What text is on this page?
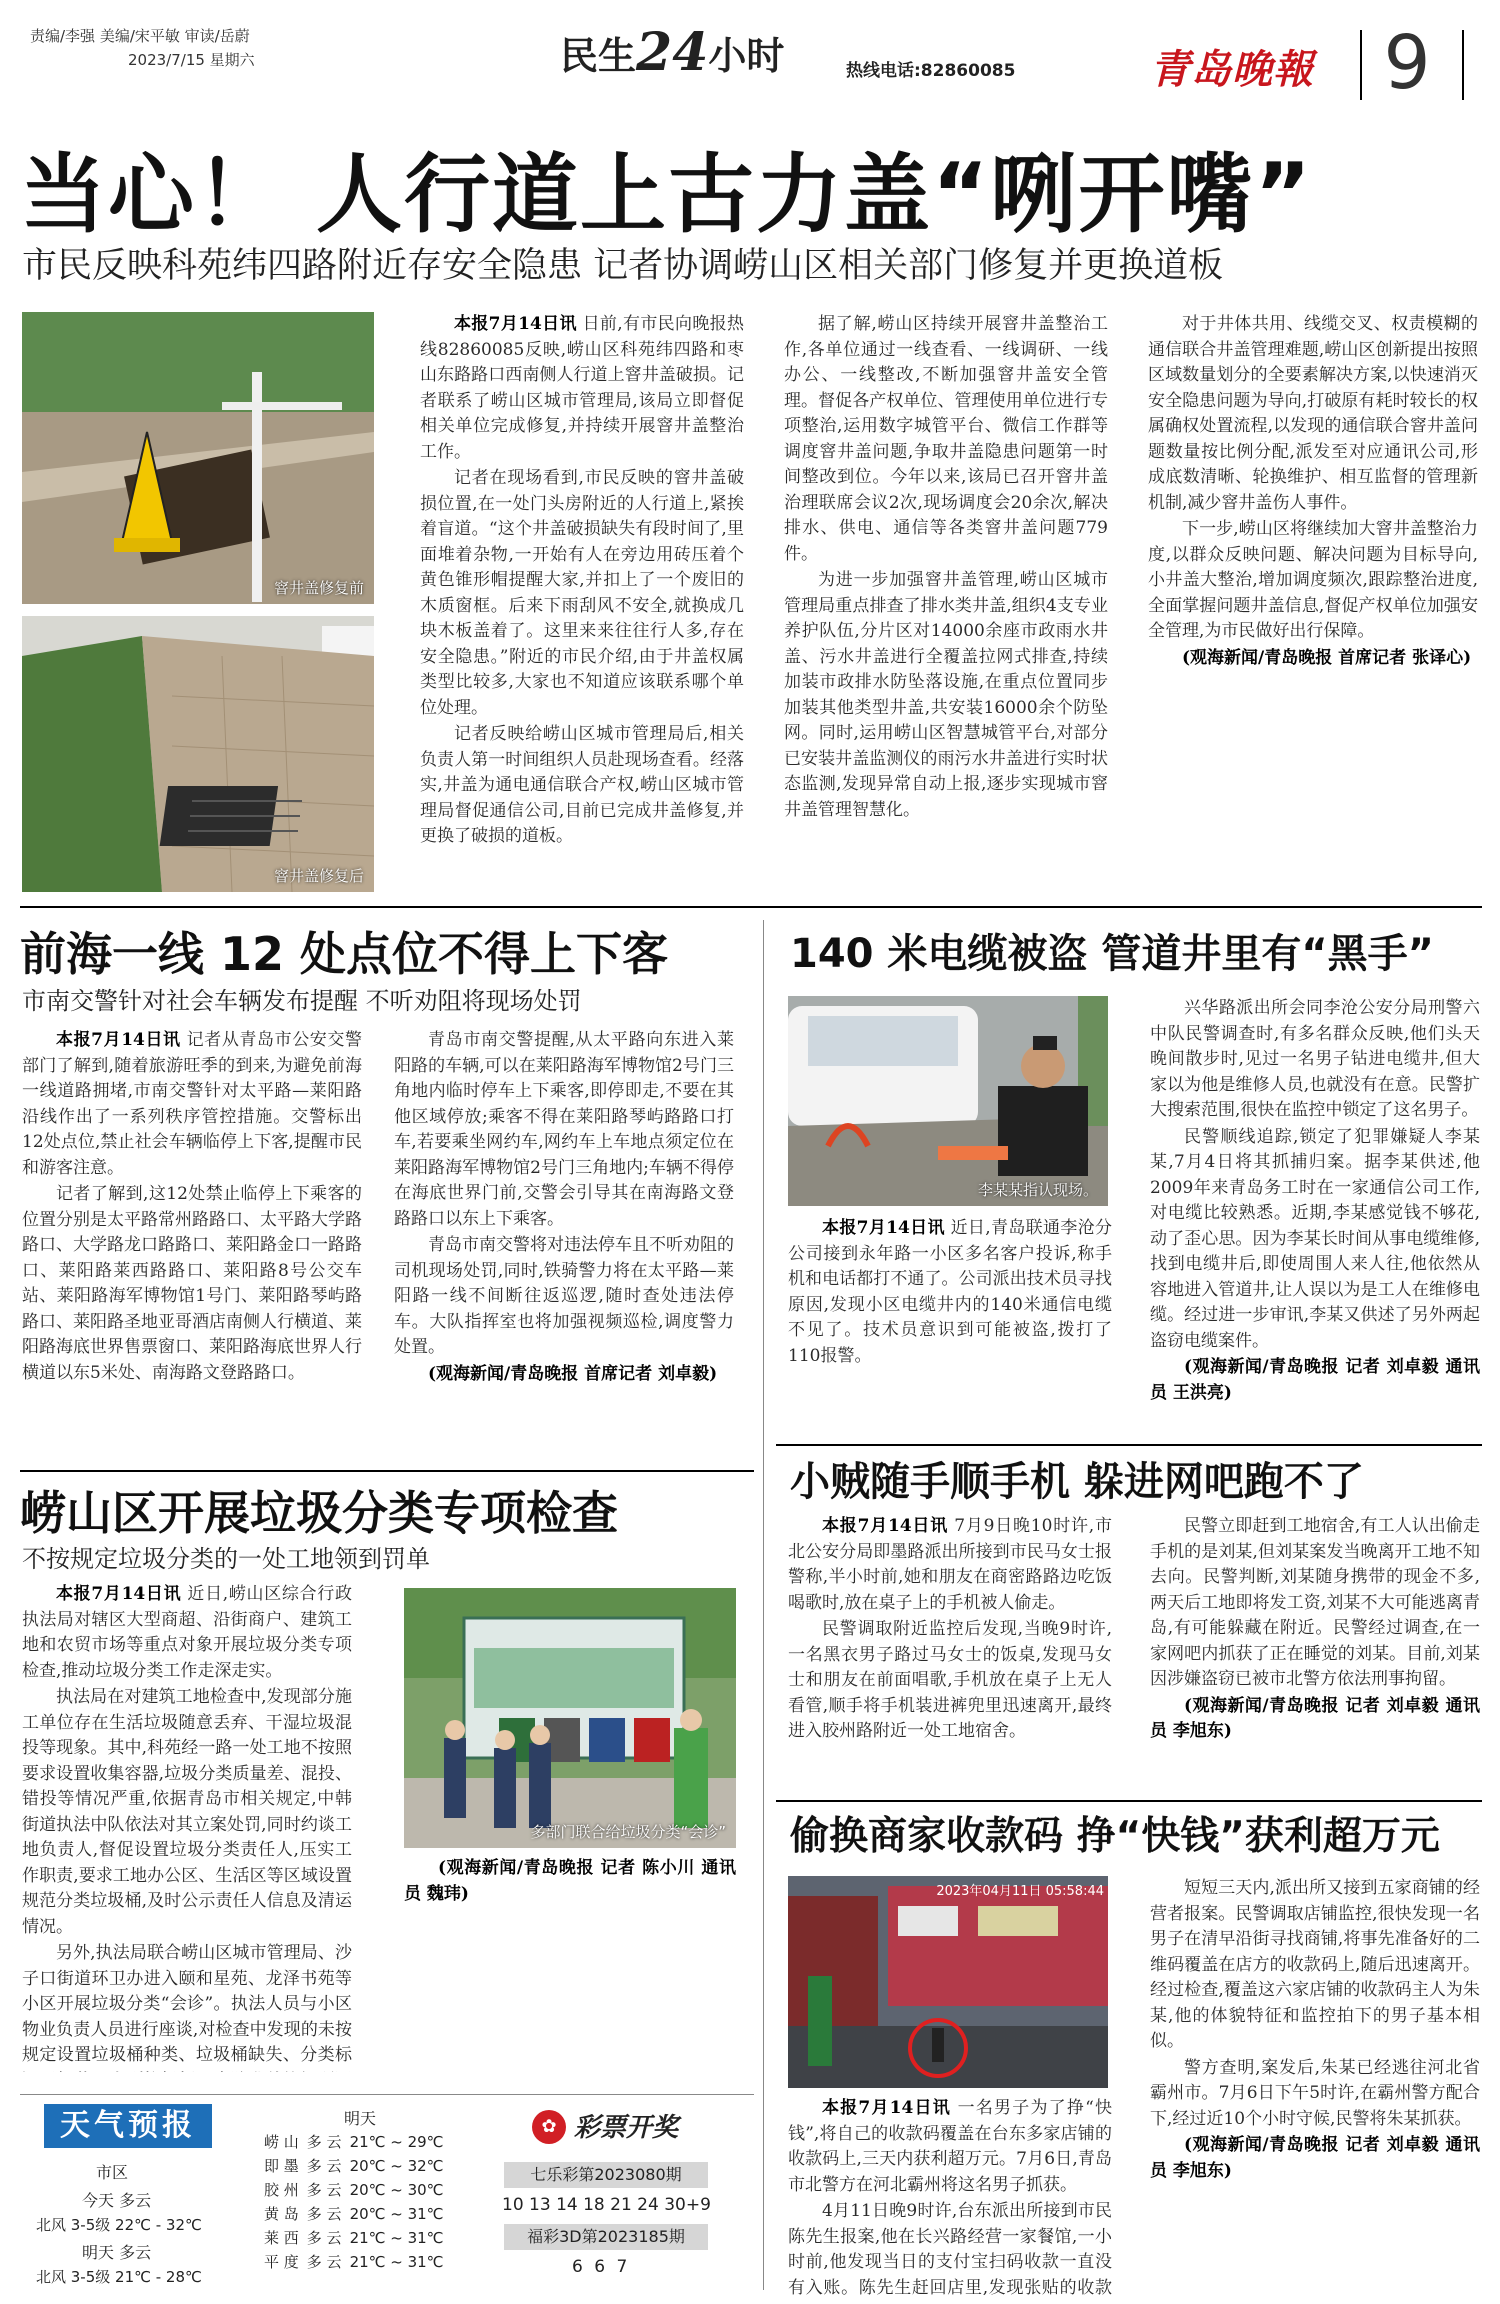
责编/李强 美编/宋平敏 审读/岳蔚
2023/7/15 星期六	民生24小时	热线电话:82860085	青岛晚報 9
当心！ 人行道上古力盖“咧开嘴”
市民反映科苑纬四路附近存安全隐患 记者协调崂山区相关部门修复并更换道板
窨井盖修复前
窨井盖修复后

本报7月14日讯 日前,有市民向晚报热线82860085反映,崂山区科苑纬四路和枣山东路路口西南侧人行道上窨井盖破损。记者联系了崂山区城市管理局,该局立即督促相关单位完成修复,并持续开展窨井盖整治工作。

记者在现场看到,市民反映的窨井盖破损位置,在一处门头房附近的人行道上,紧挨着盲道。“这个井盖破损缺失有段时间了,里面堆着杂物,一开始有人在旁边用砖压着个黄色锥形帽提醒大家,并扣上了一个废旧的木质窗框。后来下雨刮风不安全,就换成几块木板盖着了。这里来来往往行人多,存在安全隐患。”附近的市民介绍,由于井盖权属类型比较多,大家也不知道应该联系哪个单位处理。

记者反映给崂山区城市管理局后,相关负责人第一时间组织人员赴现场查看。经落实,井盖为通电通信联合产权,崂山区城市管理局督促通信公司,目前已完成井盖修复,并更换了破损的道板。

据了解,崂山区持续开展窨井盖整治工作,各单位通过一线查看、一线调研、一线办公、一线整改,不断加强窨井盖安全管理。督促各产权单位、管理使用单位进行专项整治,运用数字城管平台、微信工作群等调度窨井盖问题,争取井盖隐患问题第一时间整改到位。今年以来,该局已召开窨井盖治理联席会议2次,现场调度会20余次,解决排水、供电、通信等各类窨井盖问题779件。

为进一步加强窨井盖管理,崂山区城市管理局重点排查了排水类井盖,组织4支专业养护队伍,分片区对14000余座市政雨水井盖、污水井盖进行全覆盖拉网式排查,持续加装市政排水防坠落设施,在重点位置同步加装其他类型井盖,共安装16000余个防坠网。同时,运用崂山区智慧城管平台,对部分已安装井盖监测仪的雨污水井盖进行实时状态监测,发现异常自动上报,逐步实现城市窨井盖管理智慧化。

对于井体共用、线缆交叉、权责模糊的通信联合井盖管理难题,崂山区创新提出按照区域数量划分的全要素解决方案,以快速消灭安全隐患问题为导向,打破原有耗时较长的权属确权处置流程,以发现的通信联合窨井盖问题数量按比例分配,派发至对应通讯公司,形成底数清晰、轮换维护、相互监督的管理新机制,减少窨井盖伤人事件。

下一步,崂山区将继续加大窨井盖整治力度,以群众反映问题、解决问题为目标导向,小井盖大整治,增加调度频次,跟踪整治进度,全面掌握问题井盖信息,督促产权单位加强安全管理,为市民做好出行保障。

(观海新闻/青岛晚报 首席记者 张译心)

前海一线 12 处点位不得上下客
市南交警针对社会车辆发布提醒 不听劝阻将现场处罚

本报7月14日讯 记者从青岛市公安交警部门了解到,随着旅游旺季的到来,为避免前海一线道路拥堵,市南交警针对太平路—莱阳路沿线作出了一系列秩序管控措施。交警标出12处点位,禁止社会车辆临停上下客,提醒市民和游客注意。

记者了解到,这12处禁止临停上下乘客的位置分别是太平路常州路路口、太平路大学路路口、大学路龙口路路口、莱阳路金口一路路口、莱阳路莱西路路口、莱阳路8号公交车站、莱阳路海军博物馆1号门、莱阳路琴屿路路口、莱阳路圣地亚哥酒店南侧人行横道、莱阳路海底世界售票窗口、莱阳路海底世界人行横道以东5米处、南海路文登路路口。

青岛市南交警提醒,从太平路向东进入莱阳路的车辆,可以在莱阳路海军博物馆2号门三角地内临时停车上下乘客,即停即走,不要在其他区域停放;乘客不得在莱阳路琴屿路路口打车,若要乘坐网约车,网约车上车地点须定位在莱阳路海军博物馆2号门三角地内;车辆不得停在海底世界门前,交警会引导其在南海路文登路路口以东上下乘客。

青岛市南交警将对违法停车且不听劝阻的司机现场处罚,同时,铁骑警力将在太平路—莱阳路一线不间断往返巡逻,随时查处违法停车。大队指挥室也将加强视频巡检,调度警力处置。

(观海新闻/青岛晚报 首席记者 刘卓毅)

崂山区开展垃圾分类专项检查
不按规定垃圾分类的一处工地领到罚单

本报7月14日讯 近日,崂山区综合行政执法局对辖区大型商超、沿街商户、建筑工地和农贸市场等重点对象开展垃圾分类专项检查,推动垃圾分类工作走深走实。

执法局在对建筑工地检查中,发现部分施工单位存在生活垃圾随意丢弃、干湿垃圾混投等现象。其中,科苑经一路一处工地不按照要求设置收集容器,垃圾分类质量差、混投、错投等情况严重,依据青岛市相关规定,中韩街道执法中队依法对其立案处罚,同时约谈工地负责人,督促设置垃圾分类责任人,压实工作职责,要求工地办公区、生活区等区域设置规范分类垃圾桶,及时公示责任人信息及清运情况。

另外,执法局联合崂山区城市管理局、沙子口街道环卫办进入颐和星苑、龙泽书苑等小区开展垃圾分类“会诊”。执法人员与小区物业负责人员进行座谈,对检查中发现的未按规定设置垃圾桶种类、垃圾桶缺失、分类标

多部门联合给垃圾分类“会诊”

(观海新闻/青岛晚报 记者 陈小川 通讯员 魏玮)

天气预报
市区
今天 多云
北风 3-5级 22℃ - 32℃
明天 多云
北风 3-5级 21℃ - 28℃
明天
崂 山	多 云	21℃ ~ 29℃
即 墨	多 云	20℃ ~ 32℃
胶 州	多 云	20℃ ~ 30℃
黄 岛	多 云	20℃ ~ 31℃
莱 西	多 云	21℃ ~ 31℃
平 度	多 云	21℃ ~ 31℃
✿ 彩票开奖
七乐彩第2023080期
10 13 14 18 21 24 30+9
福彩3D第2023185期
6 6 7
140 米电缆被盗 管道井里有“黑手”
李某某指认现场。

本报7月14日讯 近日,青岛联通李沧分公司接到永年路一小区多名客户投诉,称手机和电话都打不通了。公司派出技术员寻找原因,发现小区电缆井内的140米通信电缆不见了。技术员意识到可能被盗,拨打了110报警。

兴华路派出所会同李沧公安分局刑警六中队民警调查时,有多名群众反映,他们头天晚间散步时,见过一名男子钻进电缆井,但大家以为他是维修人员,也就没有在意。民警扩大搜索范围,很快在监控中锁定了这名男子。

民警顺线追踪,锁定了犯罪嫌疑人李某某,7月4日将其抓捕归案。据李某供述,他2009年来青岛务工时在一家通信公司工作,对电缆比较熟悉。近期,李某感觉钱不够花,动了歪心思。因为李某长时间从事电缆维修,找到电缆井后,即使周围人来人往,他依然从容地进入管道井,让人误以为是工人在维修电缆。经过进一步审讯,李某又供述了另外两起盗窃电缆案件。

(观海新闻/青岛晚报 记者 刘卓毅 通讯员 王洪亮)

小贼随手顺手机 躲进网吧跑不了

本报7月14日讯 7月9日晚10时许,市北公安分局即墨路派出所接到市民马女士报警称,半小时前,她和朋友在商密路路边吃饭喝歌时,放在桌子上的手机被人偷走。

民警调取附近监控后发现,当晚9时许,一名黑衣男子路过马女士的饭桌,发现马女士和朋友在前面唱歌,手机放在桌子上无人看管,顺手将手机装进裤兜里迅速离开,最终进入胶州路附近一处工地宿舍。

民警立即赶到工地宿舍,有工人认出偷走手机的是刘某,但刘某案发当晚离开工地不知去向。民警判断,刘某随身携带的现金不多,两天后工地即将发工资,刘某不大可能逃离青岛,有可能躲藏在附近。民警经过调查,在一家网吧内抓获了正在睡觉的刘某。目前,刘某因涉嫌盗窃已被市北警方依法刑事拘留。

(观海新闻/青岛晚报 记者 刘卓毅 通讯员 李旭东)

偷换商家收款码 挣“快钱”获利超万元
2023年04月11日 05:58:44

本报7月14日讯 一名男子为了挣“快钱”,将自己的收款码覆盖在台东多家店铺的收款码上,三天内获利超万元。7月6日,青岛市北警方在河北霸州将这名男子抓获。

4月11日晚9时许,台东派出所接到市民陈先生报案,他在长兴路经营一家餐馆,一小时前,他发现当日的支付宝扫码收款一直没有入账。陈先生赶回店里,发现张贴的收款

短短三天内,派出所又接到五家商铺的经营者报案。民警调取店铺监控,很快发现一名男子在清早沿街寻找商铺,将事先准备好的二维码覆盖在店方的收款码上,随后迅速离开。经过检查,覆盖这六家店铺的收款码主人为朱某,他的体貌特征和监控拍下的男子基本相似。

警方查明,案发后,朱某已经逃往河北省霸州市。7月6日下午5时许,在霸州警方配合下,经过近10个小时守候,民警将朱某抓获。

(观海新闻/青岛晚报 记者 刘卓毅 通讯员 李旭东)
